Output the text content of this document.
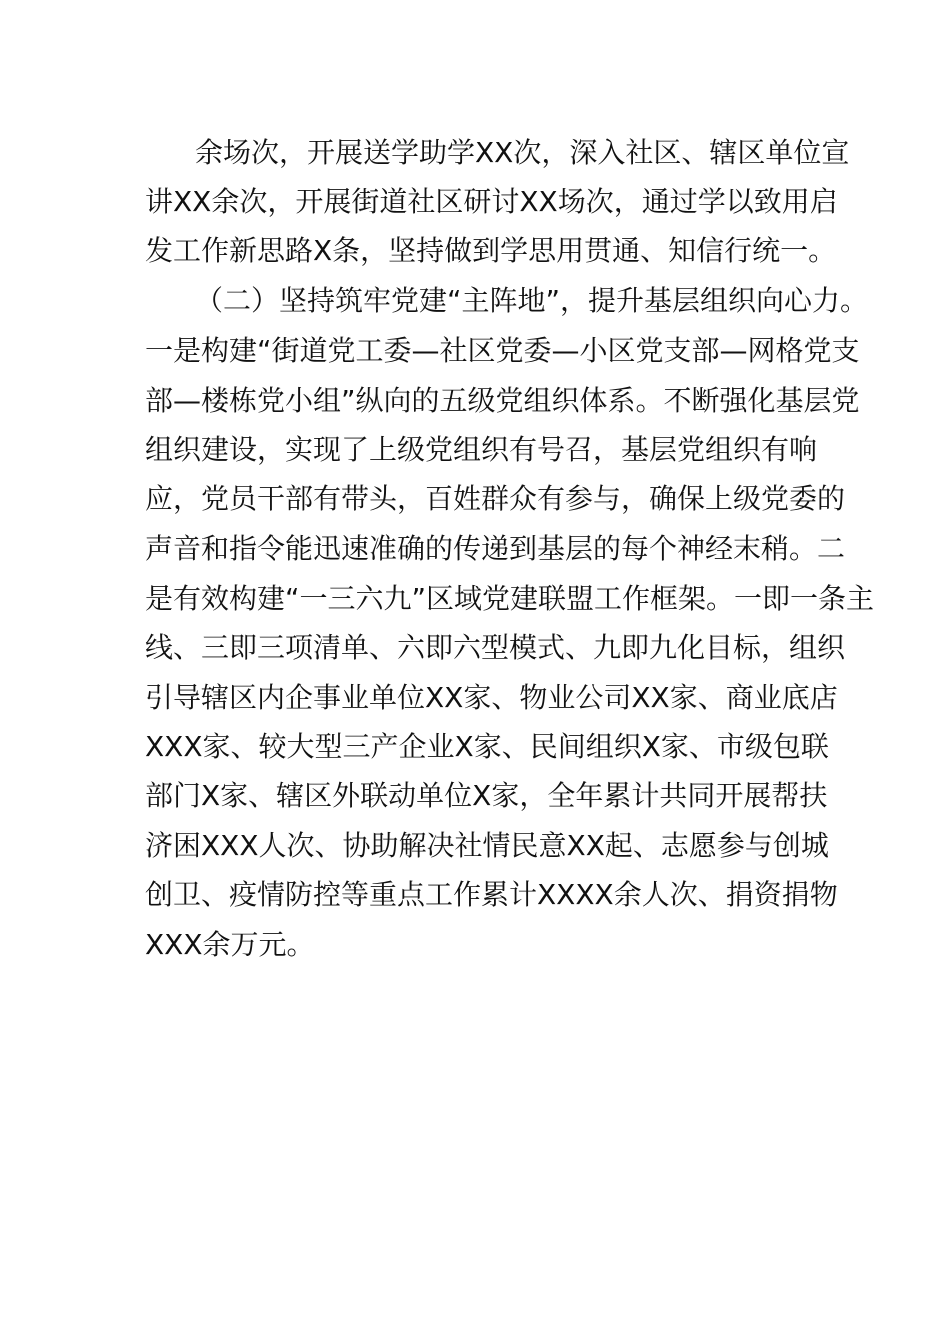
余场次，开展送学助学XX次，深入社区、辖区单位宣
讲XX余次，开展街道社区研讨XX场次，通过学以致用启
发工作新思路X条，坚持做到学思用贯通、知信行统一。
（二）坚持筑牢党建“主阵地”，提升基层组织向心力。
一是构建“街道党工委—社区党委—小区党支部—网格党支
部—楼栋党小组”纵向的五级党组织体系。不断强化基层党
组织建设，实现了上级党组织有号召，基层党组织有响
应，党员干部有带头，百姓群众有参与，确保上级党委的
声音和指令能迅速准确的传递到基层的每个神经末稍。二
是有效构建“一三六九”区域党建联盟工作框架。一即一条主
线、三即三项清单、六即六型模式、九即九化目标，组织
引导辖区内企事业单位XX家、物业公司XX家、商业底店
XXX家、较大型三产企业X家、民间组织X家、市级包联
部门X家、辖区外联动单位X家，全年累计共同开展帮扶
济困XXX人次、协助解决社情民意XX起、志愿参与创城
创卫、疫情防控等重点工作累计XXXX余人次、捐资捐物
XXX余万元。
